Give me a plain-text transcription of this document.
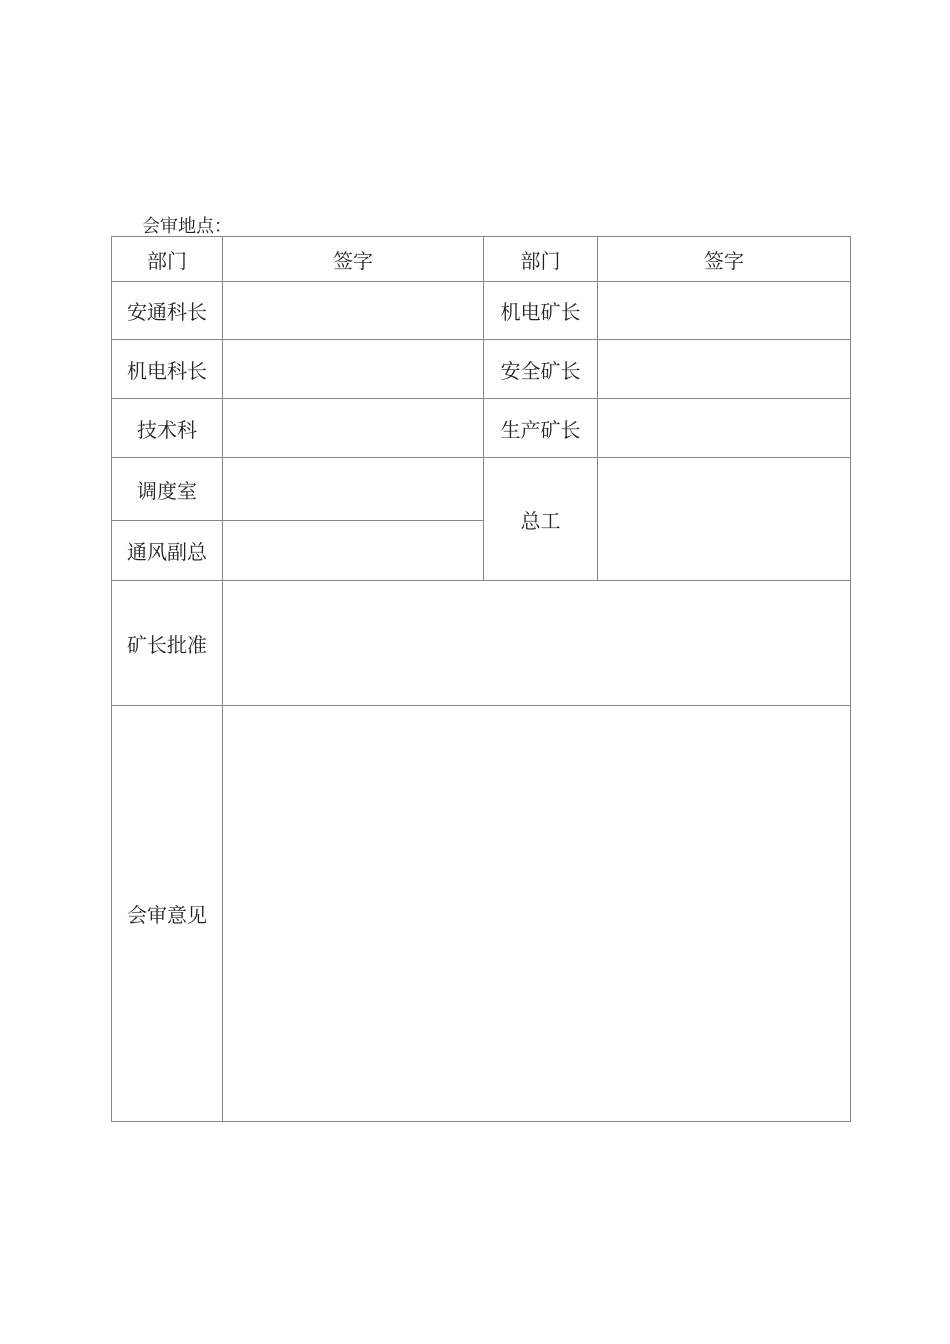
会审地点：
部门	签字	部门	签字
安通科长		机电矿长	
机电科长		安全矿长	
技术科		生产矿长	
调度室		总工	
通风副总			
矿长批准			
会审意见			
